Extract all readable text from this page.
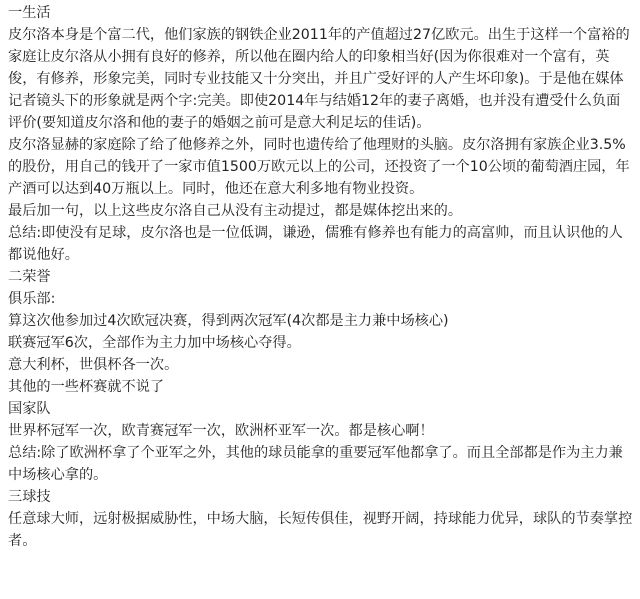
一生活

皮尔洛本身是个富二代，他们家族的钢铁企业2011年的产值超过27亿欧元。出生于这样一个富裕的家庭让皮尔洛从小拥有良好的修养，所以他在圈内给人的印象相当好(因为你很难对一个富有，英俊，有修养，形象完美，同时专业技能又十分突出，并且广受好评的人产生坏印象)。于是他在媒体记者镜头下的形象就是两个字:完美。即使2014年与结婚12年的妻子离婚，也并没有遭受什么负面评价(要知道皮尔洛和他的妻子的婚姻之前可是意大利足坛的佳话)。

皮尔洛显赫的家庭除了给了他修养之外，同时也遗传给了他理财的头脑。皮尔洛拥有家族企业3.5%的股份，用自己的钱开了一家市值1500万欧元以上的公司，还投资了一个10公顷的葡萄酒庄园，年产酒可以达到40万瓶以上。同时，他还在意大利多地有物业投资。

最后加一句，以上这些皮尔洛自己从没有主动提过，都是媒体挖出来的。

总结:即使没有足球，皮尔洛也是一位低调，谦逊，儒雅有修养也有能力的高富帅，而且认识他的人都说他好。

二荣誉

俱乐部:

算这次他参加过4次欧冠决赛，得到两次冠军(4次都是主力兼中场核心)

联赛冠军6次，全部作为主力加中场核心夺得。

意大利杯，世俱杯各一次。

其他的一些杯赛就不说了

国家队

世界杯冠军一次，欧青赛冠军一次，欧洲杯亚军一次。都是核心啊！

总结:除了欧洲杯拿了个亚军之外，其他的球员能拿的重要冠军他都拿了。而且全部都是作为主力兼中场核心拿的。

三球技

任意球大师，远射极据威胁性，中场大脑，长短传俱佳，视野开阔，持球能力优异，球队的节奏掌控者。
